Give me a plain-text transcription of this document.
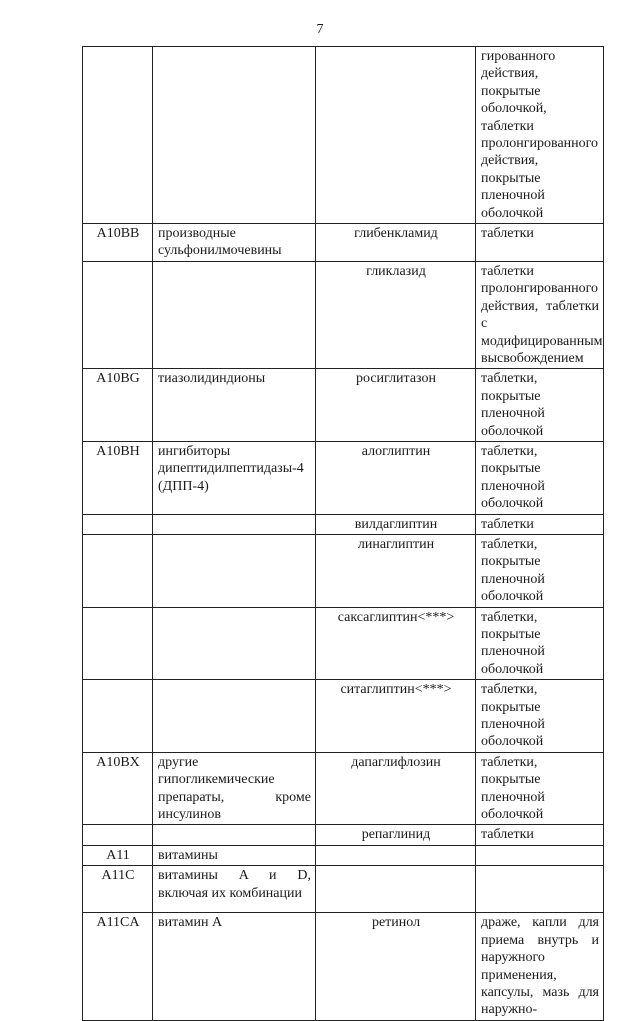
7
			гированного действия, покрытые оболочкой, таблетки пролонгированного действия, покрытые пленочной оболочкой
A10BB	производные сульфонилмочевины	глибенкламид	таблетки
		гликлазид	таблетки пролонгированного действия, таблетки с модифицированным высвобождением
A10BG	тиазолидиндионы	росиглитазон	таблетки, покрытые пленочной оболочкой
A10BH	ингибиторы дипептидилпептидазы-4 (ДПП-4)	алоглиптин	таблетки, покрытые пленочной оболочкой
		вилдаглиптин	таблетки
		линаглиптин	таблетки, покрытые пленочной оболочкой
		саксаглиптин<***>	таблетки, покрытые пленочной оболочкой
		ситаглиптин<***>	таблетки, покрытые пленочной оболочкой
A10BX	другие гипогликемические препараты, кроме инсулинов	дапаглифлозин	таблетки, покрытые пленочной оболочкой
		репаглинид	таблетки
A11	витамины		
A11C	витамины A и D, включая их комбинации		
A11CA	витамин A	ретинол	драже, капли для приема внутрь и наружного применения, капсулы, мазь для наружно-
